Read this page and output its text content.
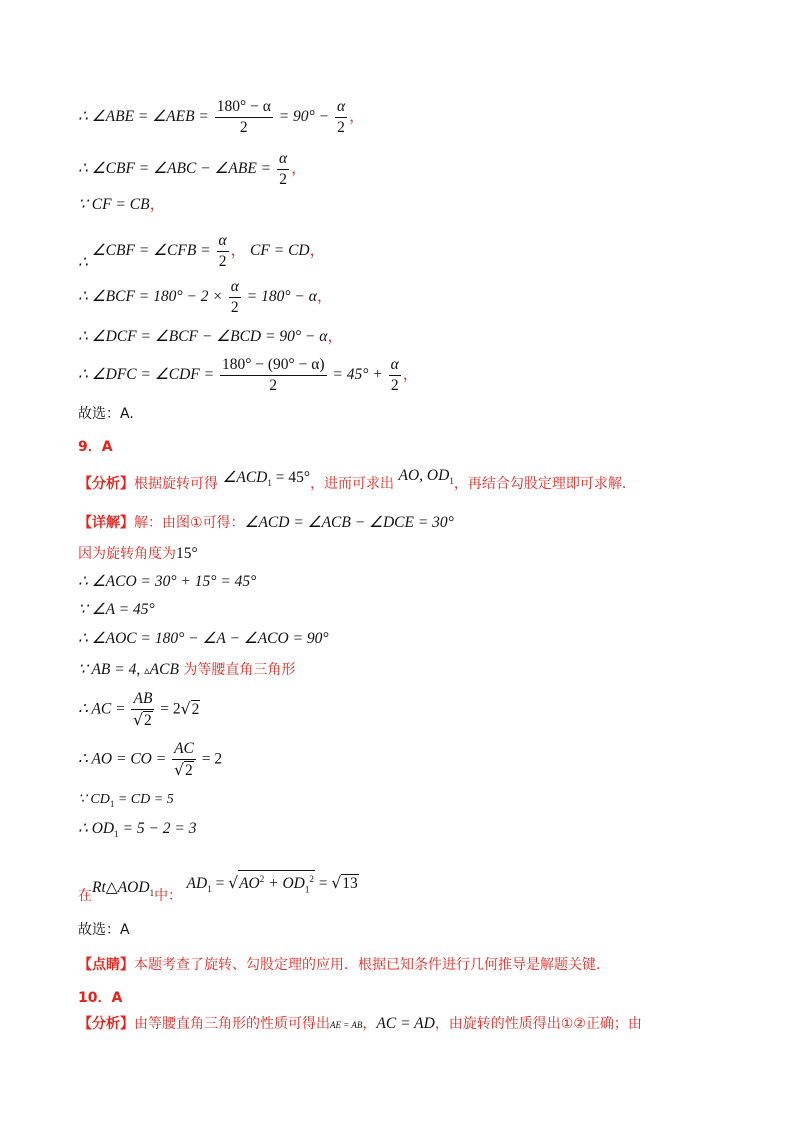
∴ ∠ABE = ∠AEB = $\frac{180^\circ - \alpha}{2} = 90^\circ - \frac{\alpha}{2}$ ，
∴ ∠CBF = ∠ABC − ∠ABE = $\frac{\alpha}{2}$ ，
∵ CF = CB，
∴ ∠CBF = ∠CFB = $\frac{\alpha}{2}$ ， CF = CD，
∴ ∠BCF = $180^\circ - 2 \times \frac{\alpha}{2} = 180^\circ - \alpha$，
∴ ∠DCF = ∠BCF − ∠BCD = 90° − α，
∴ ∠DFC = ∠CDF = $\frac{180^\circ - (90^\circ - \alpha)}{2} = 45^\circ + \frac{\alpha}{2}$ ，
故选：A.
9．A
【分析】根据旋转可得 $\angle ACD_1 = 45^\circ$，进而可求出 AO, $OD_1$，再结合勾股定理即可求解.
【详解】解：由图①可得：∠ACD = ∠ACB − ∠DCE = 30°
因为旋转角度为15°
∴ ∠ACO = 30° + 15° = 45°
∵ ∠A = 45°
∴ ∠AOC = 180° − ∠A − ∠ACO = 90°
∵ AB = 4, ▵ACB 为等腰直角三角形
∴ AC = $\frac{AB}{√2} = 2√2$
∴ AO = CO = $\frac{AC}{√2} = 2$
∵ $CD_1$ = CD = 5
∴ $OD_1 = 5 - 2 = 3$
在$Rt\triangle AOD_1$中： $AD_1 = √AO^2 + OD_1^2 = √13$
故选：A
【点睛】本题考查了旋转、勾股定理的应用．根据已知条件进行几何推导是解题关键.
10．A
【分析】由等腰直角三角形的性质可得出AE = AB，AC = AD，由旋转的性质得出①②正确；由
